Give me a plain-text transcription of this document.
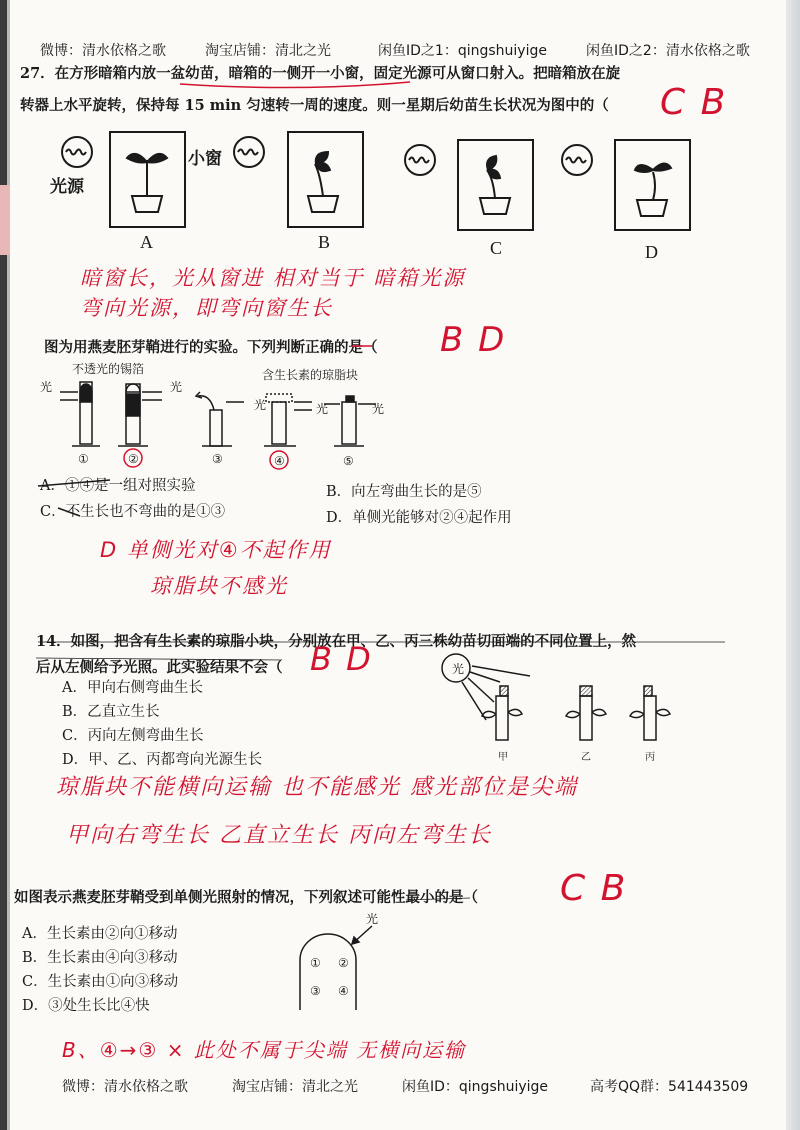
微博：清水依格之歌	淘宝店铺：清北之光	闲鱼ID之1：qingshuiyige	闲鱼ID之2：清水依格之歌
27．在方形暗箱内放一盆幼苗，暗箱的一侧开一小窗，固定光源可从窗口射入。把暗箱放在旋
转器上水平旋转，保持每 15 min 匀速转一周的速度。则一星期后幼苗生长状况为图中的（ C B
光源
小窗
A	B	C	D
暗窗长，光从窗进 相对当于 暗箱光源
弯向光源，即弯向窗生长
图为用燕麦胚芽鞘进行的实验。下列判断正确的是（ B D
不透光的锡箔	含生长素的琼脂块
光	光
光	光	光
①	②	③	④	⑤
A．①④是一组对照实验	B．向左弯曲生长的是⑤
C．不生长也不弯曲的是①③	D．单侧光能够对②④起作用
D 单侧光对④不起作用
琼脂块不感光
14．如图，把含有生长素的琼脂小块，分别放在甲、乙、丙三株幼苗切面端的不同位置上，然
后从左侧给予光照。此实验结果不会（ B D
A．甲向右侧弯曲生长
B．乙直立生长
C．丙向左侧弯曲生长
D．甲、乙、丙都弯向光源生长
光
甲	乙	丙
琼脂块不能横向运输 也不能感光 感光部位是尖端
甲向右弯生长 乙直立生长 丙向左弯生长
如图表示燕麦胚芽鞘受到单侧光照射的情况，下列叙述可能性最小的是（ C B
A．生长素由②向①移动
B．生长素由④向③移动
C．生长素由①向③移动
D．③处生长比④快
光
① ②
③ ④
B、④→③ × 此处不属于尖端 无横向运输
微博：清水依格之歌	淘宝店铺：清北之光	闲鱼ID：qingshuiyige	高考QQ群：541443509
